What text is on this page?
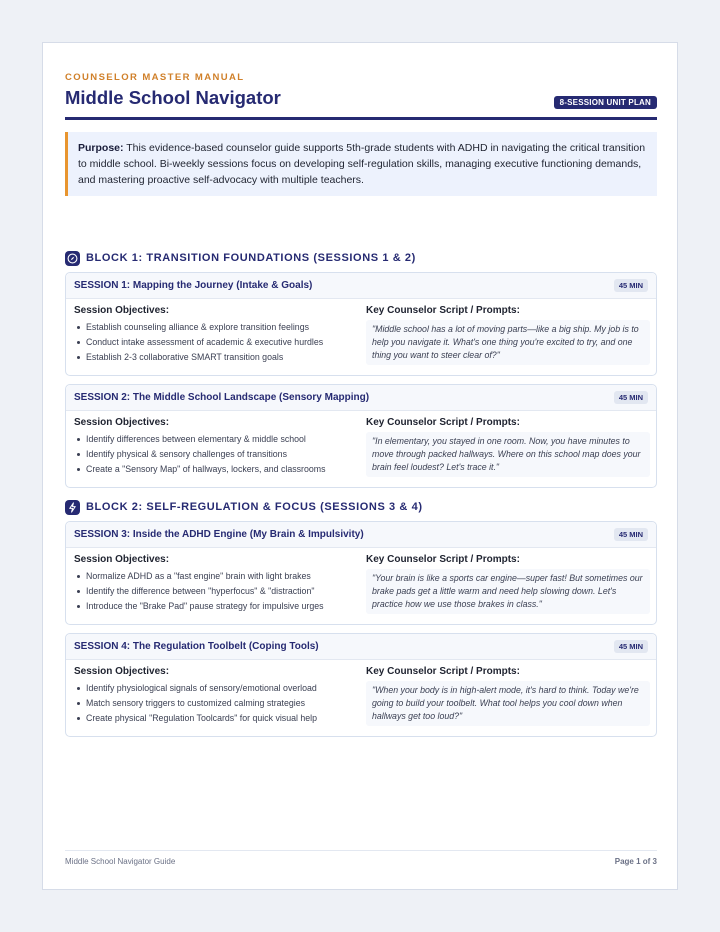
COUNSELOR MASTER MANUAL
Middle School Navigator	8-SESSION UNIT PLAN
Purpose: This evidence-based counselor guide supports 5th-grade students with ADHD in navigating the critical transition to middle school. Bi-weekly sessions focus on developing self-regulation skills, managing executive functioning demands, and mastering proactive self-advocacy with multiple teachers.
BLOCK 1: TRANSITION FOUNDATIONS (SESSIONS 1 & 2)
SESSION 1: Mapping the Journey (Intake & Goals)	45 MIN
Session Objectives:
Establish counseling alliance & explore transition feelings
Conduct intake assessment of academic & executive hurdles
Establish 2-3 collaborative SMART transition goals
Key Counselor Script / Prompts:
"Middle school has a lot of moving parts—like a big ship. My job is to help you navigate it. What's one thing you're excited to try, and one thing you want to steer clear of?"
SESSION 2: The Middle School Landscape (Sensory Mapping)	45 MIN
Session Objectives:
Identify differences between elementary & middle school
Identify physical & sensory challenges of transitions
Create a "Sensory Map" of hallways, lockers, and classrooms
Key Counselor Script / Prompts:
"In elementary, you stayed in one room. Now, you have minutes to move through packed hallways. Where on this school map does your brain feel loudest? Let's trace it."
BLOCK 2: SELF-REGULATION & FOCUS (SESSIONS 3 & 4)
SESSION 3: Inside the ADHD Engine (My Brain & Impulsivity)	45 MIN
Session Objectives:
Normalize ADHD as a "fast engine" brain with light brakes
Identify the difference between "hyperfocus" & "distraction"
Introduce the "Brake Pad" pause strategy for impulsive urges
Key Counselor Script / Prompts:
"Your brain is like a sports car engine—super fast! But sometimes our brake pads get a little warm and need help slowing down. Let's practice how we use those brakes in class."
SESSION 4: The Regulation Toolbelt (Coping Tools)	45 MIN
Session Objectives:
Identify physiological signals of sensory/emotional overload
Match sensory triggers to customized calming strategies
Create physical "Regulation Toolcards" for quick visual help
Key Counselor Script / Prompts:
"When your body is in high-alert mode, it's hard to think. Today we're going to build your toolbelt. What tool helps you cool down when hallways get too loud?"
Middle School Navigator Guide	Page 1 of 3
